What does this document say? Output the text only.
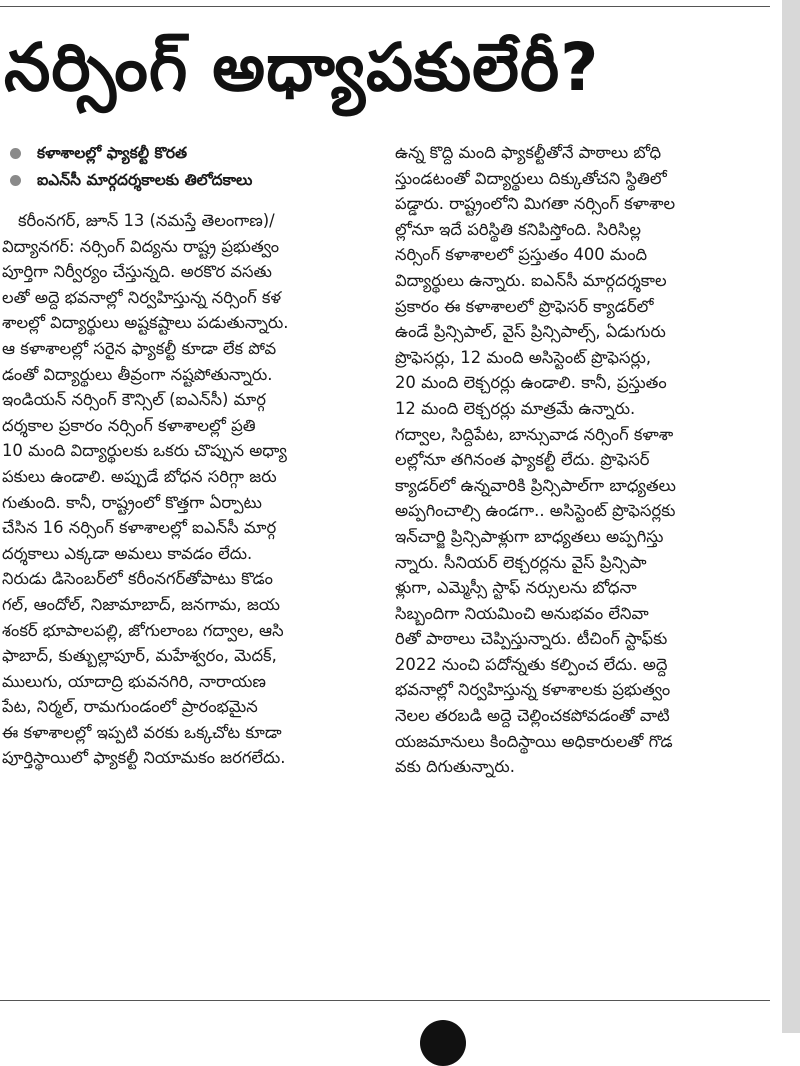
నర్సింగ్ అధ్యాపకులేరీ?
కళాశాలల్లో ఫ్యాకల్టీ కొరత
ఐఎన్‌సీ మార్గదర్శకాలకు తిలోదకాలు
కరీంనగర్, జూన్ 13 (నమస్తే తెలంగాణ)/
విద్యానగర్: నర్సింగ్ విద్యను రాష్ట్ర ప్రభుత్వం
పూర్తిగా నిర్వీర్యం చేస్తున్నది. అరకొర వసతు
లతో అద్దె భవనాల్లో నిర్వహిస్తున్న నర్సింగ్ కళ
శాలల్లో విద్యార్థులు అష్టకష్టాలు పడుతున్నారు.
ఆ కళాశాలల్లో సరైన ఫ్యాకల్టీ కూడా లేక పోవ
డంతో విద్యార్థులు తీవ్రంగా నష్టపోతున్నారు.
ఇండియన్ నర్సింగ్ కౌన్సిల్ (ఐఎన్‌సీ) మార్గ
దర్శకాల ప్రకారం నర్సింగ్ కళాశాలల్లో ప్రతి
10 మంది విద్యార్థులకు ఒకరు చొప్పున అధ్యా
పకులు ఉండాలి. అప్పుడే బోధన సరిగ్గా జరు
గుతుంది. కానీ, రాష్ట్రంలో కొత్తగా ఏర్పాటు
చేసిన 16 నర్సింగ్ కళాశాలల్లో ఐఎన్‌సీ మార్గ
దర్శకాలు ఎక్కడా అమలు కావడం లేదు.
నిరుడు డిసెంబర్‌లో కరీంనగర్‌తోపాటు కొడం
గల్, ఆందోల్, నిజామాబాద్, జనగామ, జయ
శంకర్ భూపాలపల్లి, జోగులాంబ గద్వాల, ఆసి
ఫాబాద్, కుత్బుల్లాపూర్, మహేశ్వరం, మెదక్,
ములుగు, యాదాద్రి భువనగిరి, నారాయణ
పేట, నిర్మల్, రామగుండంలో ప్రారంభమైన
ఈ కళాశాలల్లో ఇప్పటి వరకు ఒక్కచోట కూడా
పూర్తిస్థాయిలో ఫ్యాకల్టీ నియామకం జరగలేదు.
ఉన్న కొద్ది మంది ఫ్యాకల్టీతోనే పాఠాలు బోధి
స్తుండటంతో విద్యార్థులు దిక్కుతోచని స్థితిలో
పడ్డారు. రాష్ట్రంలోని మిగతా నర్సింగ్ కళాశాల
ల్లోనూ ఇదే పరిస్థితి కనిపిస్తోంది. సిరిసిల్ల
నర్సింగ్ కళాశాలలో ప్రస్తుతం 400 మంది
విద్యార్థులు ఉన్నారు. ఐఎన్‌సీ మార్గదర్శకాల
ప్రకారం ఈ కళాశాలలో ప్రొఫెసర్ క్యాడర్‌లో
ఉండే ప్రిన్సిపాల్, వైస్ ప్రిన్సిపాల్స్, ఏడుగురు
ప్రొఫెసర్లు, 12 మంది అసిస్టెంట్ ప్రొఫెసర్లు,
20 మంది లెక్చరర్లు ఉండాలి. కానీ, ప్రస్తుతం
12 మంది లెక్చరర్లు మాత్రమే ఉన్నారు.
గద్వాల, సిద్దిపేట, బాన్సువాడ నర్సింగ్ కళాశా
లల్లోనూ తగినంత ఫ్యాకల్టీ లేదు. ప్రొఫెసర్
క్యాడర్‌లో ఉన్నవారికి ప్రిన్సిపాల్‌గా బాధ్యతలు
అప్పగించాల్సి ఉండగా.. అసిస్టెంట్ ప్రొఫెసర్లకు
ఇన్‌చార్జి ప్రిన్సిపాళ్లుగా బాధ్యతలు అప్పగిస్తు
న్నారు. సీనియర్ లెక్చరర్లను వైస్ ప్రిన్సిపా
ళ్లుగా, ఎమ్మెస్సీ స్టాఫ్ నర్సులను బోధనా
సిబ్బందిగా నియమించి అనుభవం లేనివా
రితో పాఠాలు చెప్పిస్తున్నారు. టీచింగ్ స్టాఫ్‌కు
2022 నుంచి పదోన్నతు కల్పించ లేదు. అద్దె
భవనాల్లో నిర్వహిస్తున్న కళాశాలకు ప్రభుత్వం
నెలల తరబడి అద్దె చెల్లించకపోవడంతో వాటి
యజమానులు కిందిస్థాయి అధికారులతో గొడ
వకు దిగుతున్నారు.
